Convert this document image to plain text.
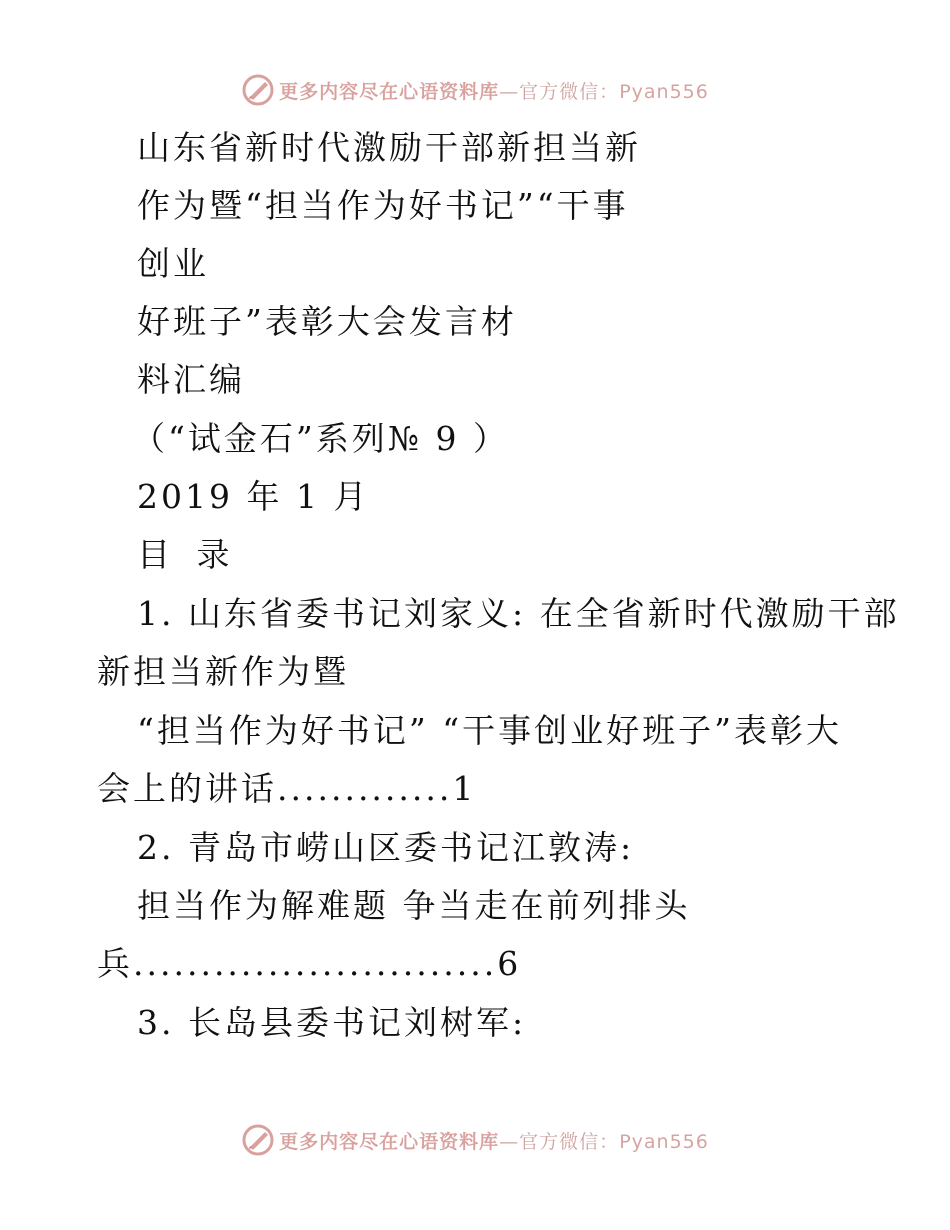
更多内容尽在心语资料库—官方微信：Pyan556
山东省新时代激励干部新担当新
作为暨“担当作为好书记”“干事
创业
好班子”表彰大会发言材
料汇编
（“试金石”系列№ 9 ）
2019 年 1 月
目 录
1. 山东省委书记刘家义: 在全省新时代激励干部
新担当新作为暨
“担当作为好书记” “干事创业好班子”表彰大
会上的讲话.............1
2. 青岛市崂山区委书记江敦涛:
担当作为解难题 争当走在前列排头
兵...........................6
3. 长岛县委书记刘树军:
更多内容尽在心语资料库—官方微信：Pyan556
